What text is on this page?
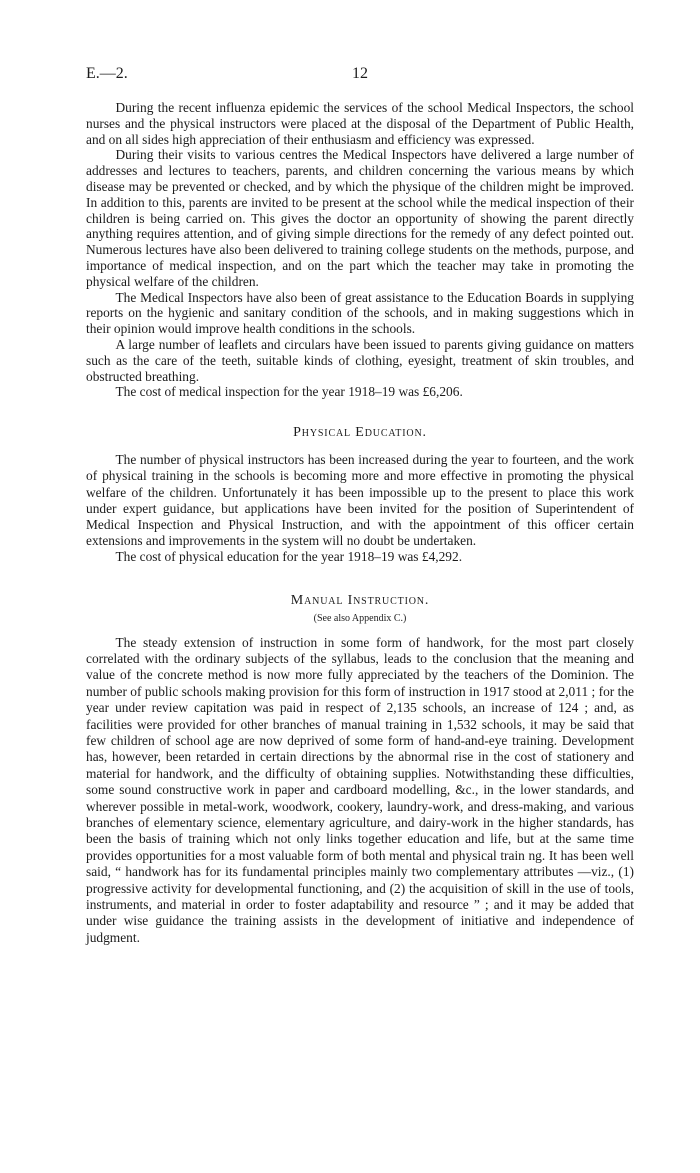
E.—2.	12

During the recent influenza epidemic the services of the school Medical Inspectors, the school nurses and the physical instructors were placed at the disposal of the Department of Public Health, and on all sides high appreciation of their enthusiasm and efficiency was expressed.

During their visits to various centres the Medical Inspectors have delivered a large number of addresses and lectures to teachers, parents, and children concerning the various means by which disease may be prevented or checked, and by which the physique of the children might be improved. In addition to this, parents are invited to be present at the school while the medical inspection of their children is being carried on. This gives the doctor an opportunity of showing the parent directly anything requires attention, and of giving simple directions for the remedy of any defect pointed out. Numerous lectures have also been delivered to training college students on the methods, purpose, and importance of medical inspection, and on the part which the teacher may take in promoting the physical welfare of the children.

The Medical Inspectors have also been of great assistance to the Education Boards in supplying reports on the hygienic and sanitary condition of the schools, and in making suggestions which in their opinion would improve health conditions in the schools.

A large number of leaflets and circulars have been issued to parents giving guidance on matters such as the care of the teeth, suitable kinds of clothing, eyesight, treatment of skin troubles, and obstructed breathing.

The cost of medical inspection for the year 1918–19 was £6,206.

Physical Education.

The number of physical instructors has been increased during the year to fourteen, and the work of physical training in the schools is becoming more and more effective in promoting the physical welfare of the children. Unfortunately it has been impossible up to the present to place this work under expert guidance, but applications have been invited for the position of Superintendent of Medical Inspection and Physical Instruction, and with the appointment of this officer certain extensions and improvements in the system will no doubt be undertaken.

The cost of physical education for the year 1918–19 was £4,292.

Manual Instruction.
(See also Appendix C.)

The steady extension of instruction in some form of handwork, for the most part closely correlated with the ordinary subjects of the syllabus, leads to the conclusion that the meaning and value of the concrete method is now more fully appreciated by the teachers of the Dominion. The number of public schools making provision for this form of instruction in 1917 stood at 2,011 ; for the year under review capitation was paid in respect of 2,135 schools, an increase of 124 ; and, as facilities were provided for other branches of manual training in 1,532 schools, it may be said that few children of school age are now deprived of some form of hand-and-eye training. Development has, however, been retarded in certain directions by the abnormal rise in the cost of stationery and material for handwork, and the difficulty of obtaining supplies. Notwithstanding these difficulties, some sound constructive work in paper and cardboard modelling, &c., in the lower standards, and wherever possible in metal-work, woodwork, cookery, laundry-work, and dress-making, and various branches of elementary science, elementary agriculture, and dairy-work in the higher standards, has been the basis of training which not only links together education and life, but at the same time provides opportunities for a most valuable form of both mental and physical train ng. It has been well said, “ handwork has for its fundamental principles mainly two complementary attributes —viz., (1) progressive activity for developmental functioning, and (2) the acquisition of skill in the use of tools, instruments, and material in order to foster adaptability and resource ” ; and it may be added that under wise guidance the training assists in the development of initiative and independence of judgment.
